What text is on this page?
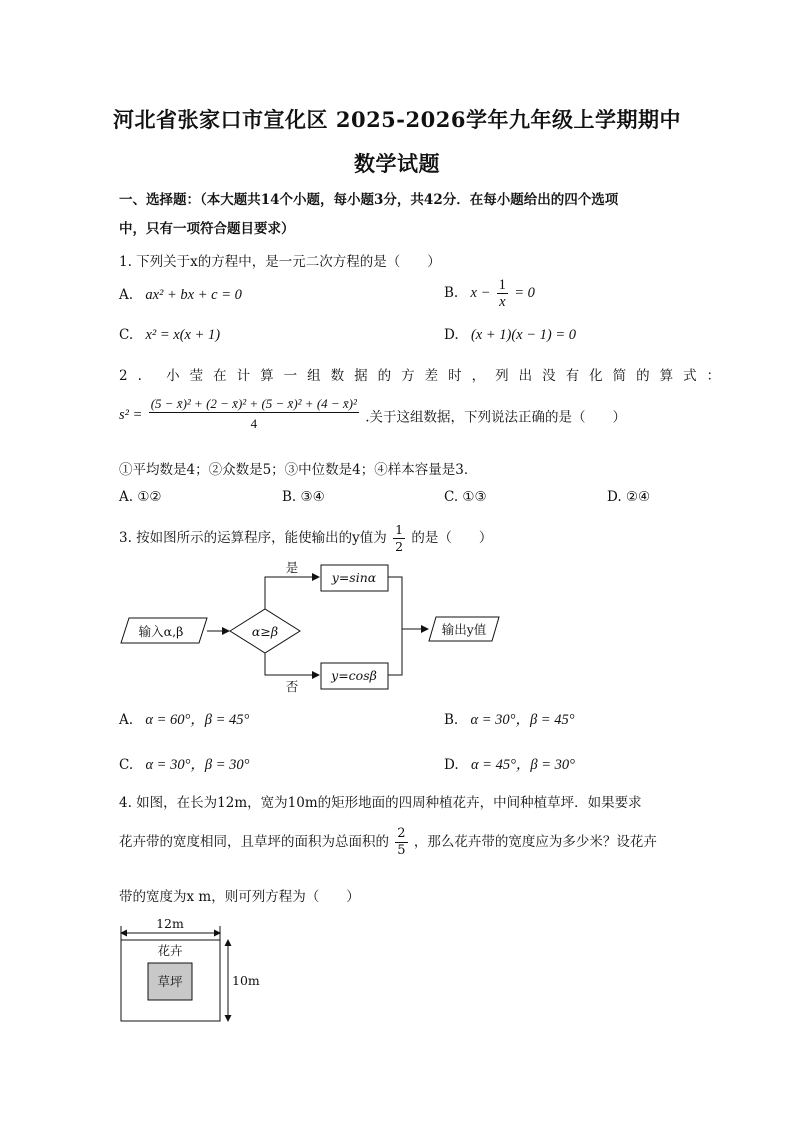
河北省张家口市宣化区 2025-2026学年九年级上学期期中
数学试题
一、选择题：（本大题共14个小题，每小题3分，共42分．在每小题给出的四个选项
中，只有一项符合题目要求）
1. 下列关于x的方程中，是一元二次方程的是（　　）
A. ax² + bx + c = 0	B. $x - \frac{1}{x} = 0$
C. x² = x(x + 1)	D. (x + 1)(x − 1) = 0
2. 小莹在计算一组数据的方差时，列出没有化简的算式：
$s^2 = \frac{\text{(5 − x̄)² + (2 − x̄)² + (5 − x̄)² + (4 − x̄)²}}{4}$ .关于这组数据，下列说法正确的是（　　）
①平均数是4；②众数是5；③中位数是4；④样本容量是3．
A. ①②	B. ③④	C. ①③	D. ②④
3. 按如图所示的运算程序，能使输出的y值为 $\frac{1}{2}$ 的是（　　）
输入α,β	α≥β
是
否
y=sinα
y=cosβ
输出y值
A. α = 60°，β = 45°	B. α = 30°，β = 45°
C. α = 30°，β = 30°	D. α = 45°，β = 30°
4. 如图，在长为12m，宽为10m的矩形地面的四周种植花卉，中间种植草坪．如果要求
花卉带的宽度相同，且草坪的面积为总面积的 $\frac{2}{5}$ ，那么花卉带的宽度应为多少米？设花卉
带的宽度为x m，则可列方程为（　　）
12m
10m
花卉
草坪
